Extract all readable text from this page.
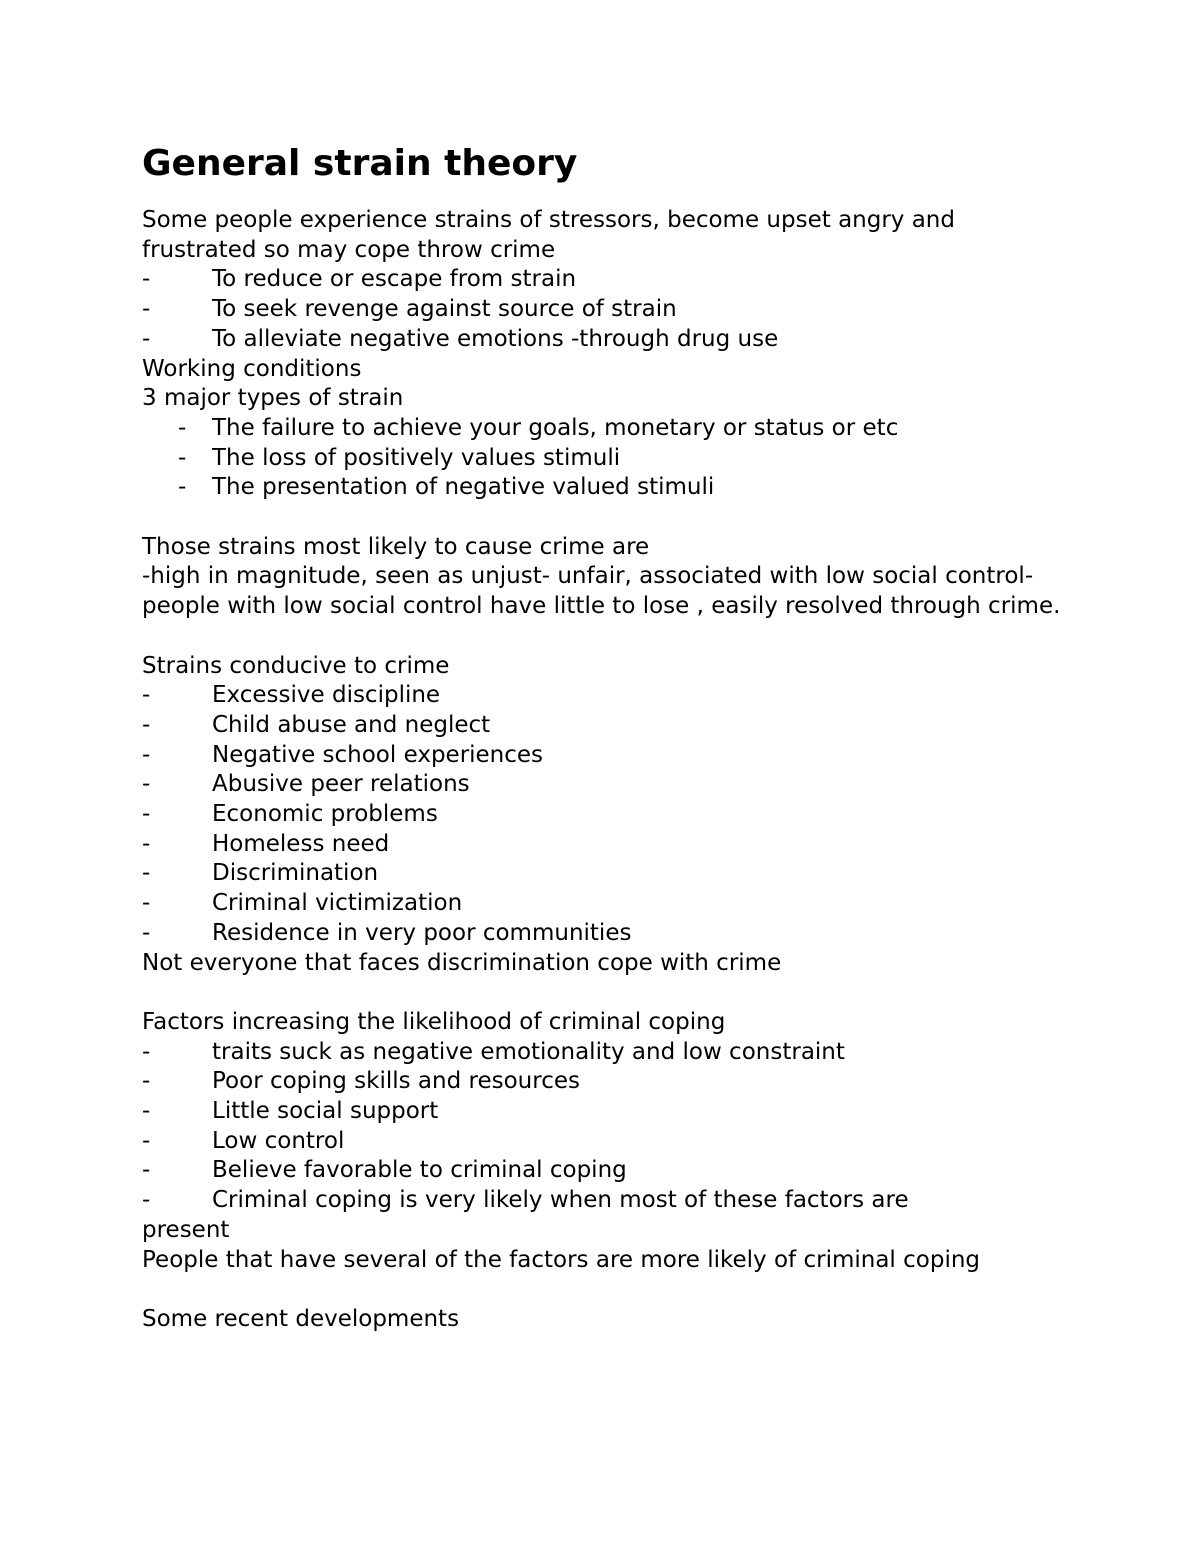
General strain theory

Some people experience strains of stressors, become upset angry and frustrated so may cope throw crime

-	To reduce or escape from strain
-	To seek revenge against source of strain
-	To alleviate negative emotions -through drug use

Working conditions

3 major types of strain

-	The failure to achieve your goals, monetary or status or etc
-	The loss of positively values stimuli
-	The presentation of negative valued stimuli

Those strains most likely to cause crime are

-high in magnitude, seen as unjust- unfair, associated with low social control- people with low social control have little to lose , easily resolved through crime.

Strains conducive to crime

-	Excessive discipline
-	Child abuse and neglect
-	Negative school experiences
-	Abusive peer relations
-	Economic problems
-	Homeless need
-	Discrimination
-	Criminal victimization
-	Residence in very poor communities

Not everyone that faces discrimination cope with crime

Factors increasing the likelihood of criminal coping

-	traits suck as negative emotionality and low constraint
-	Poor coping skills and resources
-	Little social support
-	Low control
-	Believe favorable to criminal coping
-	Criminal coping is very likely when most of these factors are

present

People that have several of the factors are more likely of criminal coping

Some recent developments
